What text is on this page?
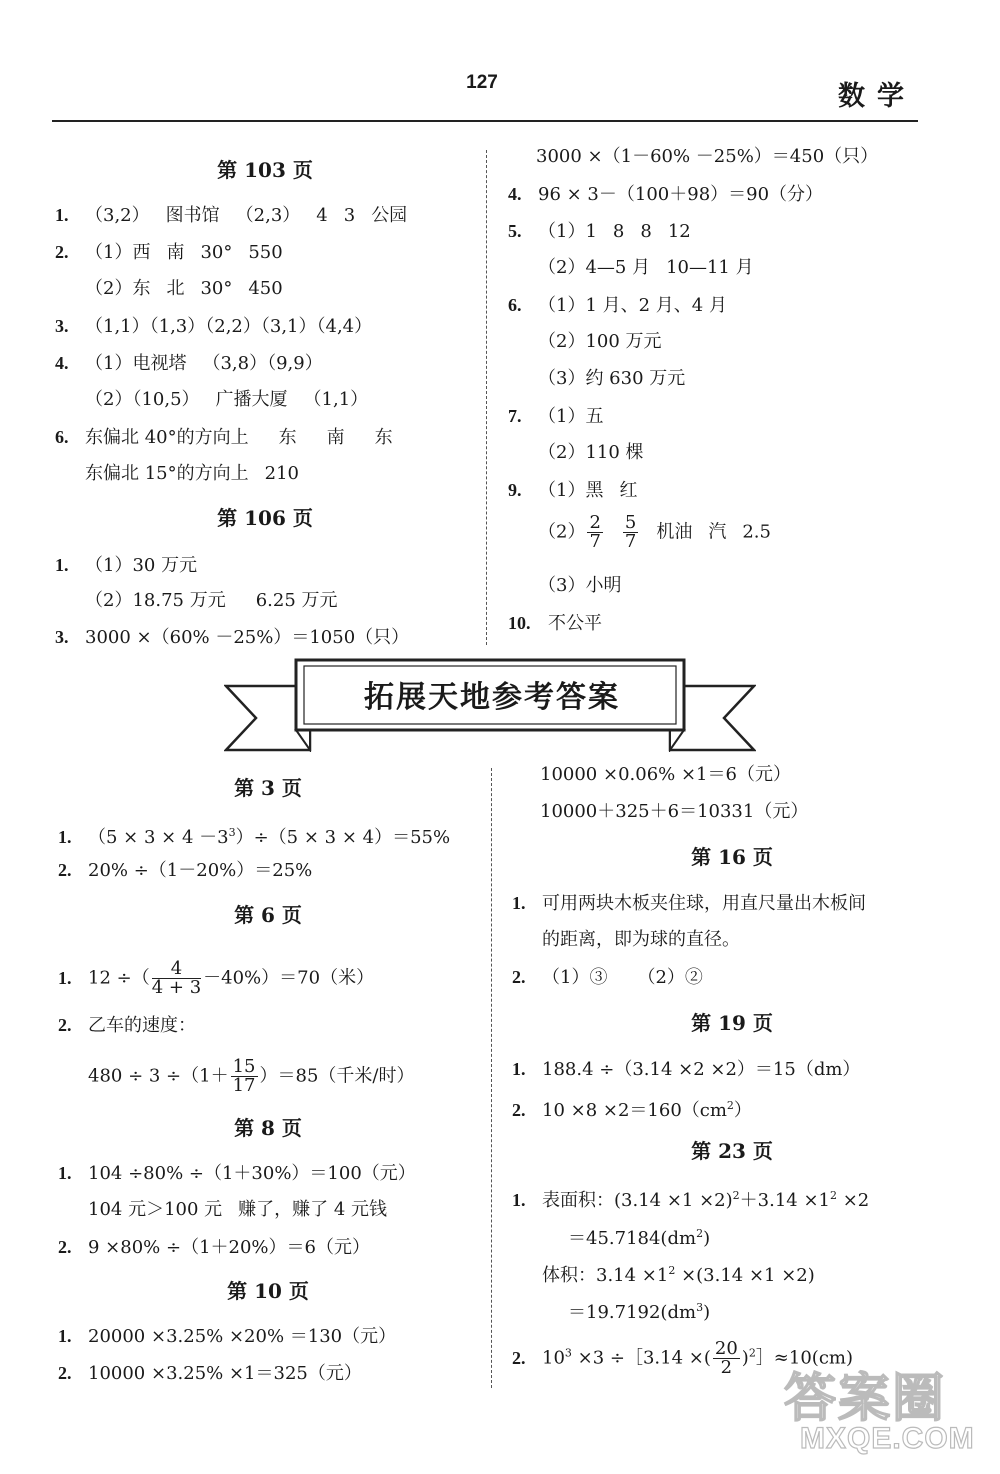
127	数学
第 103 页
1. （3,2） 图书馆 （2,3） 4 3 公园
2. （1）西 南 30° 550
（2）东 北 30° 450
3. （1,1）（1,3）（2,2）（3,1）（4,4）
4. （1）电视塔 （3,8）（9,9）
（2）（10,5） 广播大厦 （1,1）
6. 东偏北 40°的方向上 东 南 东
东偏北 15°的方向上 210
第 106 页
1. （1）30 万元
（2）18.75 万元 6.25 万元
3. 3000 ×（60% －25%）＝1050（只）
3000 ×（1－60% －25%）＝450（只）
4. 96 × 3－（100＋98）＝90（分）
5. （1）1 8 8 12
（2）4—5 月 10—11 月
6. （1）1 月、2 月、4 月
（2）100 万元
（3）约 630 万元
7. （1）五
（2）110 棵
9. （1）黑 红
$(2) \frac{2}{7} \frac{5}{7}$ 机油 汽 2.5
（3）小明
10. 不公平
拓展天地参考答案
第 3 页
1. $(5 \times 3 \times 4 -3^3)\div(5 \times 3 \times 4)=55\%$
2. 20% ÷（1－20%）＝25%
第 6 页
1. 12 ÷（ $\frac{4}{4 + 3} -40\%)=70$（米）
2. 乙车的速度：
$480 \div 3 \div(1+ \frac{15}{17} )=85$（千米/时）
第 8 页
1. 104 ÷80% ÷（1＋30%）＝100（元）
104 元＞100 元 赚了，赚了 4 元钱
2. 9 ×80% ÷（1＋20%）＝6（元）
第 10 页
1. 20000 ×3.25% ×20% ＝130（元）
2. 10000 ×3.25% ×1＝325（元）
10000 ×0.06% ×1＝6（元）
10000＋325＋6＝10331（元）
第 16 页
1. 可用两块木板夹住球，用直尺量出木板间
的距离，即为球的直径。
2. （1）③ （2）②
第 19 页
1. 188.4 ÷（3.14 ×2 ×2）＝15（dm）
2. $10 \times 8 \times 2=160(cm^2)$
第 23 页
1. 表面积：$(3.14 \times 1 \times 2)^2+3.14 \times 1^2 \times 2$
$=45.7184(dm^2)$
体积：$3.14 \times 1^2 \times(3.14 \times 1 \times 2)$
$=19.7192(dm^3)$
2. $10^3 \times 3$ ÷［3.14 ×( $\frac{20}{2}$ )$^2$］≈10(cm)
答案圈
MXQE.COM
